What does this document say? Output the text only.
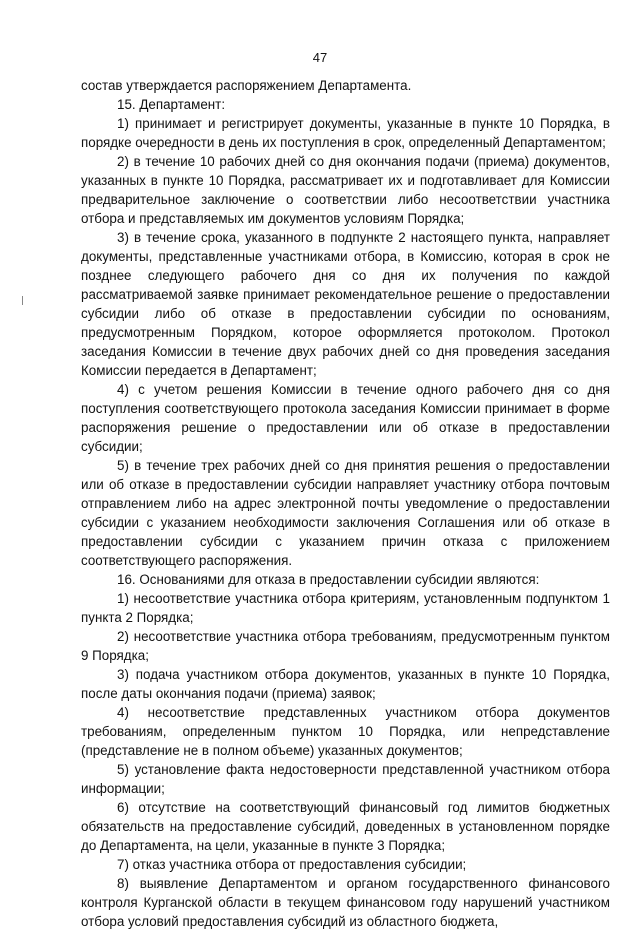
47

состав утверждается распоряжением Департамента.

15. Департамент:

1) принимает и регистрирует документы, указанные в пункте 10 Порядка, в порядке очередности в день их поступления в срок, определенный Департаментом;

2) в течение 10 рабочих дней со дня окончания подачи (приема) документов, указанных в пункте 10 Порядка, рассматривает их и подготавливает для Комиссии предварительное заключение о соответствии либо несоответствии участника отбора и представляемых им документов условиям Порядка;

3) в течение срока, указанного в подпункте 2 настоящего пункта, направляет документы, представленные участниками отбора, в Комиссию, которая в срок не позднее следующего рабочего дня со дня их получения по каждой рассматриваемой заявке принимает рекомендательное решение о предоставлении субсидии либо об отказе в предоставлении субсидии по основаниям, предусмотренным Порядком, которое оформляется протоколом. Протокол заседания Комиссии в течение двух рабочих дней со дня проведения заседания Комиссии передается в Департамент;

4) с учетом решения Комиссии в течение одного рабочего дня со дня поступления соответствующего протокола заседания Комиссии принимает в форме распоряжения решение о предоставлении или об отказе в предоставлении субсидии;

5) в течение трех рабочих дней со дня принятия решения о предоставлении или об отказе в предоставлении субсидии направляет участнику отбора почтовым отправлением либо на адрес электронной почты уведомление о предоставлении субсидии с указанием необходимости заключения Соглашения или об отказе в предоставлении субсидии с указанием причин отказа с приложением соответствующего распоряжения.

16. Основаниями для отказа в предоставлении субсидии являются:

1) несоответствие участника отбора критериям, установленным подпунктом 1 пункта 2 Порядка;

2) несоответствие участника отбора требованиям, предусмотренным пунктом 9 Порядка;

3) подача участником отбора документов, указанных в пункте 10 Порядка, после даты окончания подачи (приема) заявок;

4) несоответствие представленных участником отбора документов требованиям, определенным пунктом 10 Порядка, или непредставление (представление не в полном объеме) указанных документов;

5) установление факта недостоверности представленной участником отбора информации;

6) отсутствие на соответствующий финансовый год лимитов бюджетных обязательств на предоставление субсидий, доведенных в установленном порядке до Департамента, на цели, указанные в пункте 3 Порядка;

7) отказ участника отбора от предоставления субсидии;

8) выявление Департаментом и органом государственного финансового контроля Курганской области в текущем финансовом году нарушений участником отбора условий предоставления субсидий из областного бюджета,
